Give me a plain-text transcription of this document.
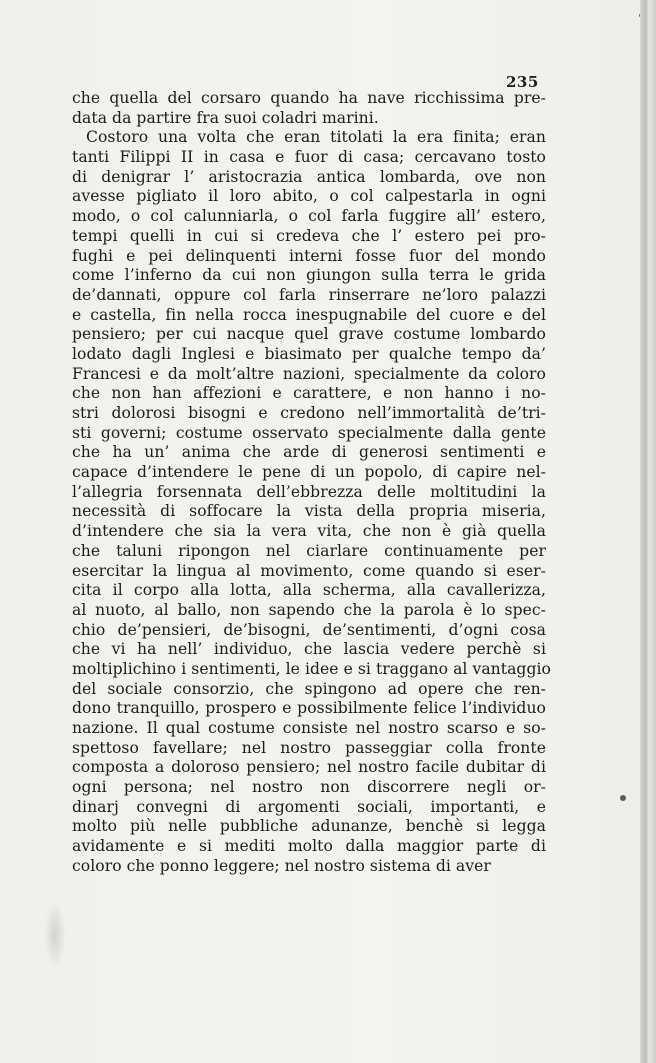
235
che quella del corsaro quando ha nave ricchissima pre-
data da partire fra suoi coladri marini.
Costoro una volta che eran titolati la era finita; eran
tanti Filippi II in casa e fuor di casa; cercavano tosto
di denigrar l’ aristocrazia antica lombarda, ove non
avesse pigliato il loro abito, o col calpestarla in ogni
modo, o col calunniarla, o col farla fuggire all’ estero,
tempi quelli in cui si credeva che l’ estero pei pro-
fughi e pei delinquenti interni fosse fuor del mondo
come l’inferno da cui non giungon sulla terra le grida
de’dannati, oppure col farla rinserrare ne’loro palazzi
e castella, fin nella rocca inespugnabile del cuore e del
pensiero; per cui nacque quel grave costume lombardo
lodato dagli Inglesi e biasimato per qualche tempo da’
Francesi e da molt’altre nazioni, specialmente da coloro
che non han affezioni e carattere, e non hanno i no-
stri dolorosi bisogni e credono nell’immortalità de’tri-
sti governi; costume osservato specialmente dalla gente
che ha un’ anima che arde di generosi sentimenti e
capace d’intendere le pene di un popolo, di capire nel-
l’allegria forsennata dell’ebbrezza delle moltitudini la
necessità di soffocare la vista della propria miseria,
d’intendere che sia la vera vita, che non è già quella
che taluni ripongon nel ciarlare continuamente per
esercitar la lingua al movimento, come quando si eser-
cita il corpo alla lotta, alla scherma, alla cavallerizza,
al nuoto, al ballo, non sapendo che la parola è lo spec-
chio de’pensieri, de’bisogni, de’sentimenti, d’ogni cosa
che vi ha nell’ individuo, che lascia vedere perchè si
moltiplichino i sentimenti, le idee e si traggano al vantaggio
del sociale consorzio, che spingono ad opere che ren-
dono tranquillo, prospero e possibilmente felice l’individuo
nazione. Il qual costume consiste nel nostro scarso e so-
spettoso favellare; nel nostro passeggiar colla fronte
composta a doloroso pensiero; nel nostro facile dubitar di
ogni persona; nel nostro non discorrere negli or-
dinarj convegni di argomenti sociali, importanti, e
molto più nelle pubbliche adunanze, benchè si legga
avidamente e si mediti molto dalla maggior parte di
coloro che ponno leggere; nel nostro sistema di aver
